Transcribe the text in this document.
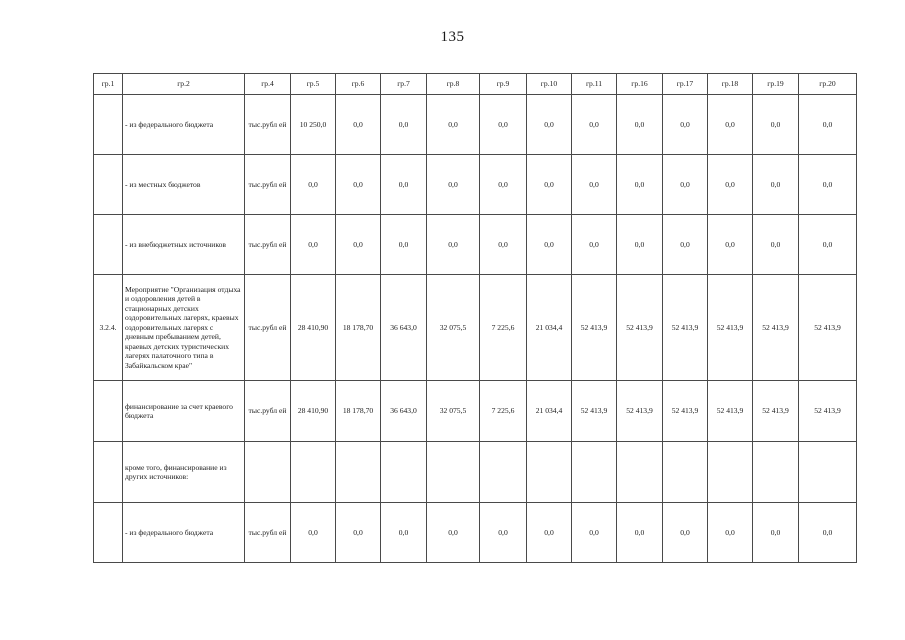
135
гр.1	гр.2	гр.4	гр.5	гр.6	гр.7	гр.8	гр.9	гр.10	гр.11	гр.16	гр.17	гр.18	гр.19	гр.20
	- из федерального бюджета	тыс.рубл ей	10 250,0	0,0	0,0	0,0	0,0	0,0	0,0	0,0	0,0	0,0	0,0	0,0
	- из местных бюджетов	тыс.рубл ей	0,0	0,0	0,0	0,0	0,0	0,0	0,0	0,0	0,0	0,0	0,0	0,0
	- из внебюджетных источников	тыс.рубл ей	0,0	0,0	0,0	0,0	0,0	0,0	0,0	0,0	0,0	0,0	0,0	0,0
3.2.4.	Мероприятие "Организация отдыха и оздоровления детей в стационарных детских оздоровительных лагерях, краевых оздоровительных лагерях с дневным пребыванием детей, краевых детских туристических лагерях палаточного типа в Забайкальском крае"	тыс.рубл ей	28 410,90	18 178,70	36 643,0	32 075,5	7 225,6	21 034,4	52 413,9	52 413,9	52 413,9	52 413,9	52 413,9	52 413,9
	финансирование за счет краевого бюджета	тыс.рубл ей	28 410,90	18 178,70	36 643,0	32 075,5	7 225,6	21 034,4	52 413,9	52 413,9	52 413,9	52 413,9	52 413,9	52 413,9
	кроме того, финансирование из других источников:													
	- из федерального бюджета	тыс.рубл ей	0,0	0,0	0,0	0,0	0,0	0,0	0,0	0,0	0,0	0,0	0,0	0,0
